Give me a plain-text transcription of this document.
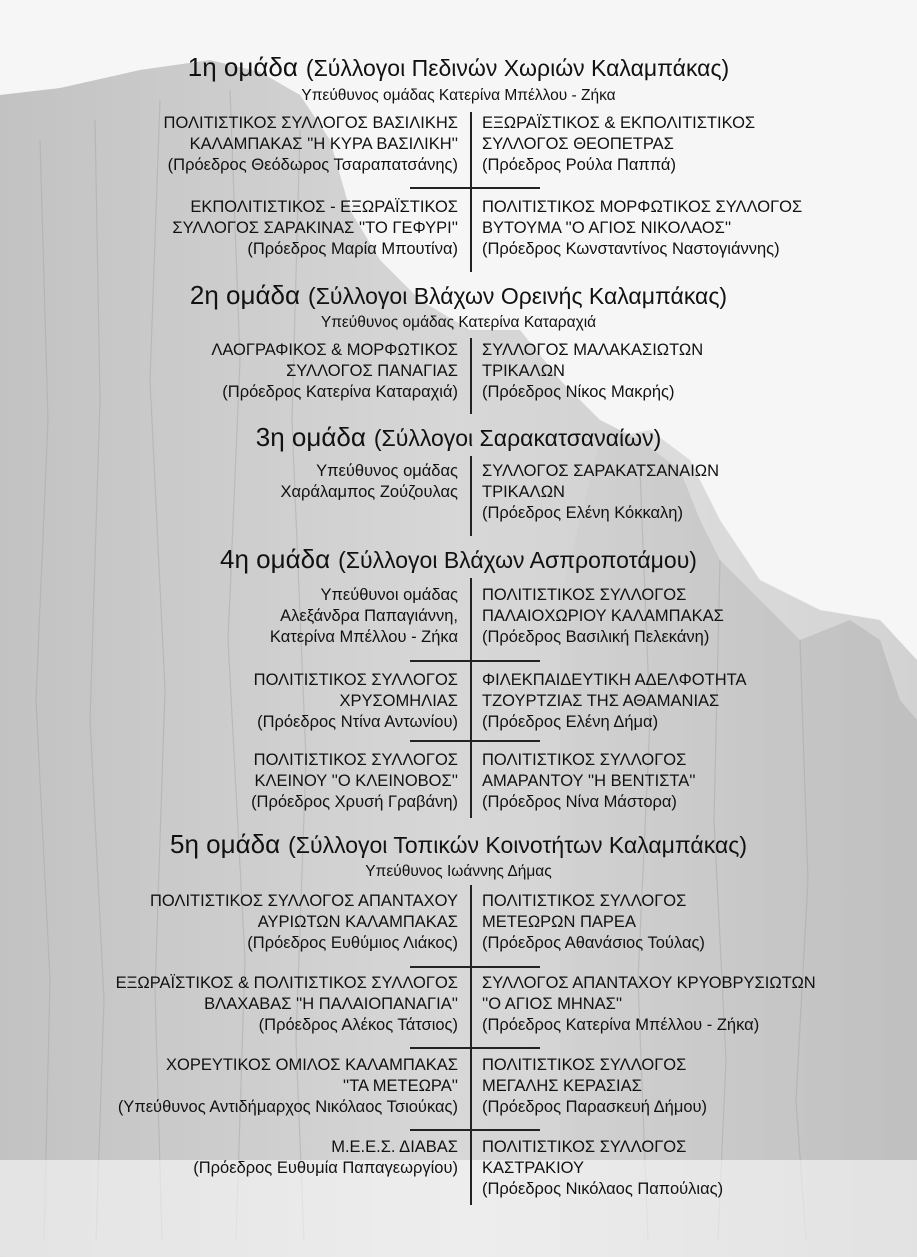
1η ομάδα (Σύλλογοι Πεδινών Χωριών Καλαμπάκας)
Υπεύθυνος ομάδας Κατερίνα Μπέλλου - Ζήκα
ΠΟΛΙΤΙΣΤΙΚΟΣ ΣΥΛΛΟΓΟΣ ΒΑΣΙΛΙΚΗΣ
ΚΑΛΑΜΠΑΚΑΣ ''Η ΚΥΡΑ ΒΑΣΙΛΙΚΗ''
(Πρόεδρος Θεόδωρος Τσαραπατσάνης)
ΕΞΩΡΑΪΣΤΙΚΟΣ & ΕΚΠΟΛΙΤΙΣΤΙΚΟΣ
ΣΥΛΛΟΓΟΣ ΘΕΟΠΕΤΡΑΣ
(Πρόεδρος Ρούλα Παππά)
ΕΚΠΟΛΙΤΙΣΤΙΚΟΣ - ΕΞΩΡΑΪΣΤΙΚΟΣ
ΣΥΛΛΟΓΟΣ ΣΑΡΑΚΙΝΑΣ ''ΤΟ ΓΕΦΥΡΙ''
(Πρόεδρος Μαρία Μπουτίνα)
ΠΟΛΙΤΙΣΤΙΚΟΣ ΜΟΡΦΩΤΙΚΟΣ ΣΥΛΛΟΓΟΣ
ΒΥΤΟΥΜΑ ''Ο ΑΓΙΟΣ ΝΙΚΟΛΑΟΣ''
(Πρόεδρος Κωνσταντίνος Ναστογιάννης)
2η ομάδα (Σύλλογοι Βλάχων Ορεινής Καλαμπάκας)
Υπεύθυνος ομάδας Κατερίνα Καταραχιά
ΛΑΟΓΡΑΦΙΚΟΣ & ΜΟΡΦΩΤΙΚΟΣ
ΣΥΛΛΟΓΟΣ ΠΑΝΑΓΙΑΣ
(Πρόεδρος Κατερίνα Καταραχιά)
ΣΥΛΛΟΓΟΣ ΜΑΛΑΚΑΣΙΩΤΩΝ
ΤΡΙΚΑΛΩΝ
(Πρόεδρος Νίκος Μακρής)
3η ομάδα (Σύλλογοι Σαρακατσαναίων)
Υπεύθυνος ομάδας
Χαράλαμπος Ζούζουλας
ΣΥΛΛΟΓΟΣ ΣΑΡΑΚΑΤΣΑΝΑΙΩΝ
ΤΡΙΚΑΛΩΝ
(Πρόεδρος Ελένη Κόκκαλη)
4η ομάδα (Σύλλογοι Βλάχων Ασπροποτάμου)
Υπεύθυνοι ομάδας
Αλεξάνδρα Παπαγιάννη,
Κατερίνα Μπέλλου - Ζήκα
ΠΟΛΙΤΙΣΤΙΚΟΣ ΣΥΛΛΟΓΟΣ
ΠΑΛΑΙΟΧΩΡΙΟΥ ΚΑΛΑΜΠΑΚΑΣ
(Πρόεδρος Βασιλική Πελεκάνη)
ΠΟΛΙΤΙΣΤΙΚΟΣ ΣΥΛΛΟΓΟΣ
ΧΡΥΣΟΜΗΛΙΑΣ
(Πρόεδρος Ντίνα Αντωνίου)
ΦΙΛΕΚΠΑΙΔΕΥΤΙΚΗ ΑΔΕΛΦΟΤΗΤΑ
ΤΖΟΥΡΤΖΙΑΣ ΤΗΣ ΑΘΑΜΑΝΙΑΣ
(Πρόεδρος Ελένη Δήμα)
ΠΟΛΙΤΙΣΤΙΚΟΣ ΣΥΛΛΟΓΟΣ
ΚΛΕΙΝΟΥ ''Ο ΚΛΕΙΝΟΒΟΣ''
(Πρόεδρος Χρυσή Γραβάνη)
ΠΟΛΙΤΙΣΤΙΚΟΣ ΣΥΛΛΟΓΟΣ
ΑΜΑΡΑΝΤΟΥ ''Η ΒΕΝΤΙΣΤΑ''
(Πρόεδρος Νίνα Μάστορα)
5η ομάδα (Σύλλογοι Τοπικών Κοινοτήτων Καλαμπάκας)
Υπεύθυνος Ιωάννης Δήμας
ΠΟΛΙΤΙΣΤΙΚΟΣ ΣΥΛΛΟΓΟΣ ΑΠΑΝΤΑΧΟΥ
ΑΥΡΙΩΤΩΝ ΚΑΛΑΜΠΑΚΑΣ
(Πρόεδρος Ευθύμιος Λιάκος)
ΠΟΛΙΤΙΣΤΙΚΟΣ ΣΥΛΛΟΓΟΣ
ΜΕΤΕΩΡΩΝ ΠΑΡΕΑ
(Πρόεδρος Αθανάσιος Τούλας)
ΕΞΩΡΑΪΣΤΙΚΟΣ & ΠΟΛΙΤΙΣΤΙΚΟΣ ΣΥΛΛΟΓΟΣ
ΒΛΑΧΑΒΑΣ ''Η ΠΑΛΑΙΟΠΑΝΑΓΙΑ''
(Πρόεδρος Αλέκος Τάτσιος)
ΣΥΛΛΟΓΟΣ ΑΠΑΝΤΑΧΟΥ ΚΡΥΟΒΡΥΣΙΩΤΩΝ
''Ο ΑΓΙΟΣ ΜΗΝΑΣ''
(Πρόεδρος Κατερίνα Μπέλλου - Ζήκα)
ΧΟΡΕΥΤΙΚΟΣ ΟΜΙΛΟΣ ΚΑΛΑΜΠΑΚΑΣ
''ΤΑ ΜΕΤΕΩΡΑ''
(Υπεύθυνος Αντιδήμαρχος Νικόλαος Τσιούκας)
ΠΟΛΙΤΙΣΤΙΚΟΣ ΣΥΛΛΟΓΟΣ
ΜΕΓΑΛΗΣ ΚΕΡΑΣΙΑΣ
(Πρόεδρος Παρασκευή Δήμου)
Μ.Ε.Ε.Σ. ΔΙΑΒΑΣ
(Πρόεδρος Ευθυμία Παπαγεωργίου)
ΠΟΛΙΤΙΣΤΙΚΟΣ ΣΥΛΛΟΓΟΣ
ΚΑΣΤΡΑΚΙΟΥ
(Πρόεδρος Νικόλαος Παπούλιας)
